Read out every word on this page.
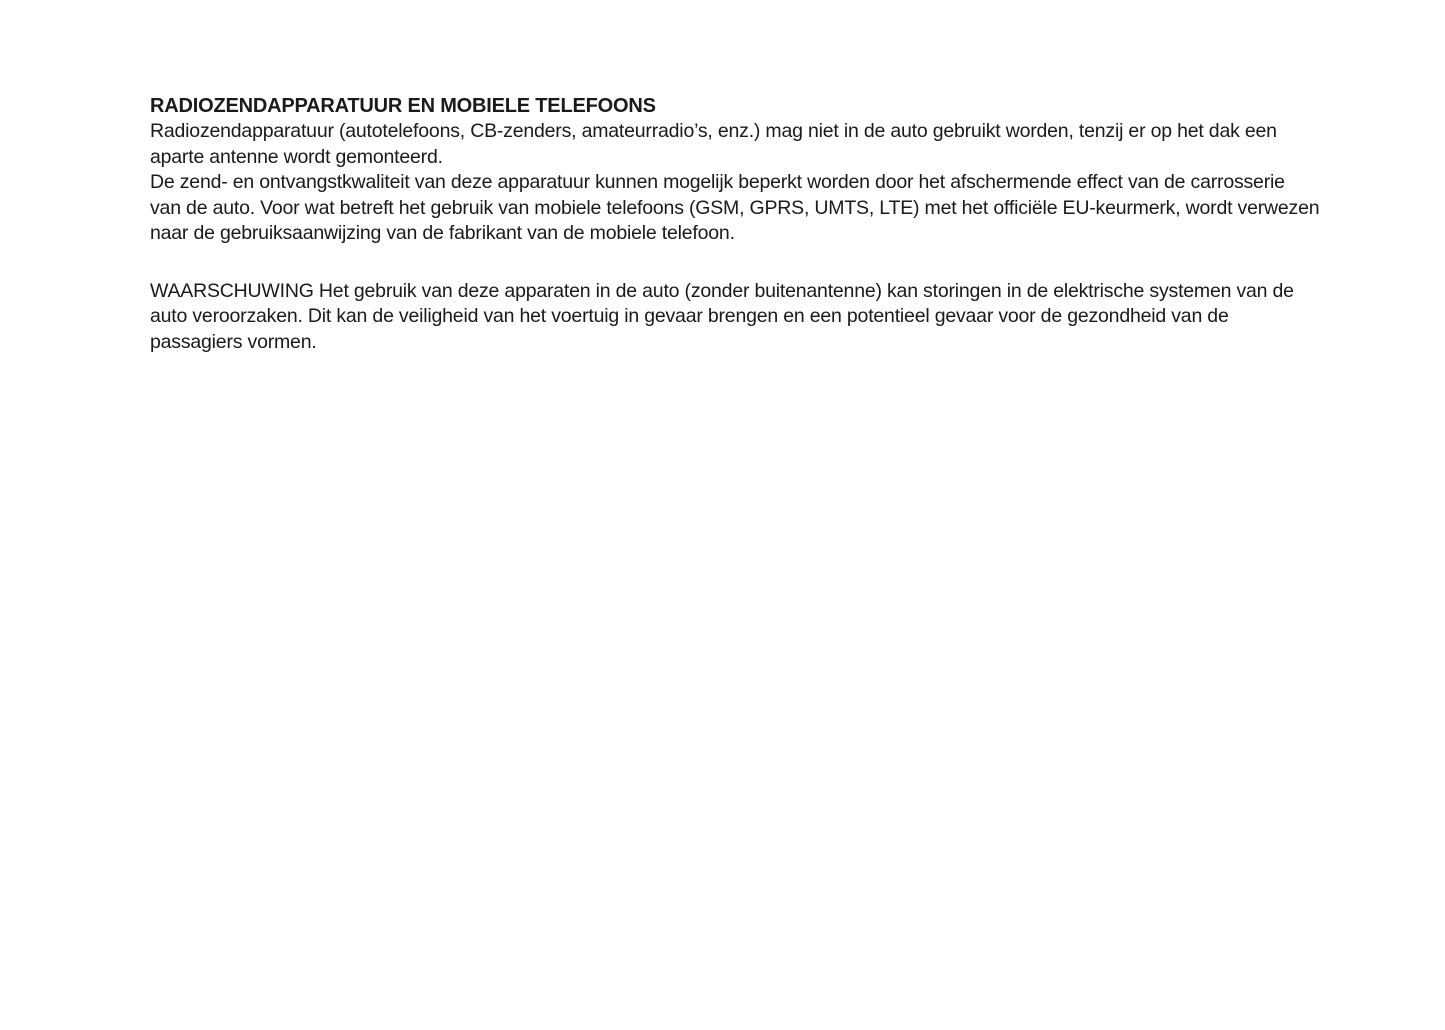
RADIOZENDAPPARATUUR EN MOBIELE TELEFOONS

Radiozendapparatuur (autotelefoons, CB-zenders, amateurradio’s, enz.) mag niet in de auto gebruikt worden, tenzij er op het dak een aparte antenne wordt gemonteerd.

De zend- en ontvangstkwaliteit van deze apparatuur kunnen mogelijk beperkt worden door het afschermende effect van de carrosserie van de auto. Voor wat betreft het gebruik van mobiele telefoons (GSM, GPRS, UMTS, LTE) met het officiële EU-keurmerk, wordt verwezen naar de gebruiksaanwijzing van de fabrikant van de mobiele telefoon.

WAARSCHUWING Het gebruik van deze apparaten in de auto (zonder buitenantenne) kan storingen in de elektrische systemen van de auto veroorzaken. Dit kan de veiligheid van het voertuig in gevaar brengen en een potentieel gevaar voor de gezondheid van de passagiers vormen.
